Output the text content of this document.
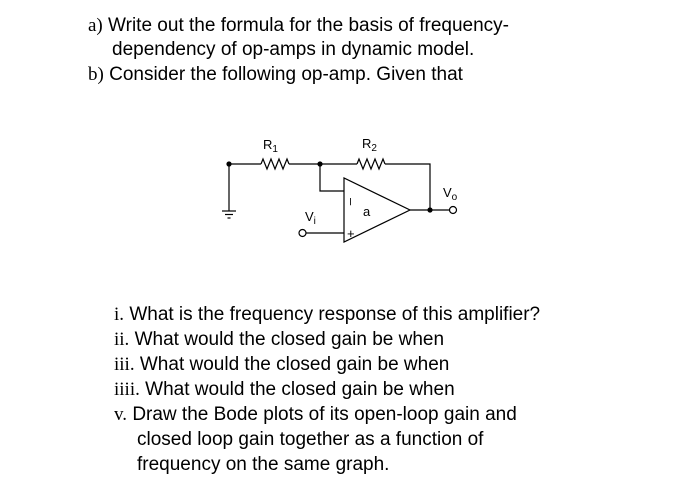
a) Write out the formula for the basis of frequency-
dependency of op-amps in dynamic model.
b) Consider the following op-amp. Given that
$R_1$	$R_2$
$V_i$
$V_o$
a
–
+
i. What is the frequency response of this amplifier?
ii. What would the closed gain be when
iii. What would the closed gain be when
iiii. What would the closed gain be when
v. Draw the Bode plots of its open-loop gain and
closed loop gain together as a function of
frequency on the same graph.
